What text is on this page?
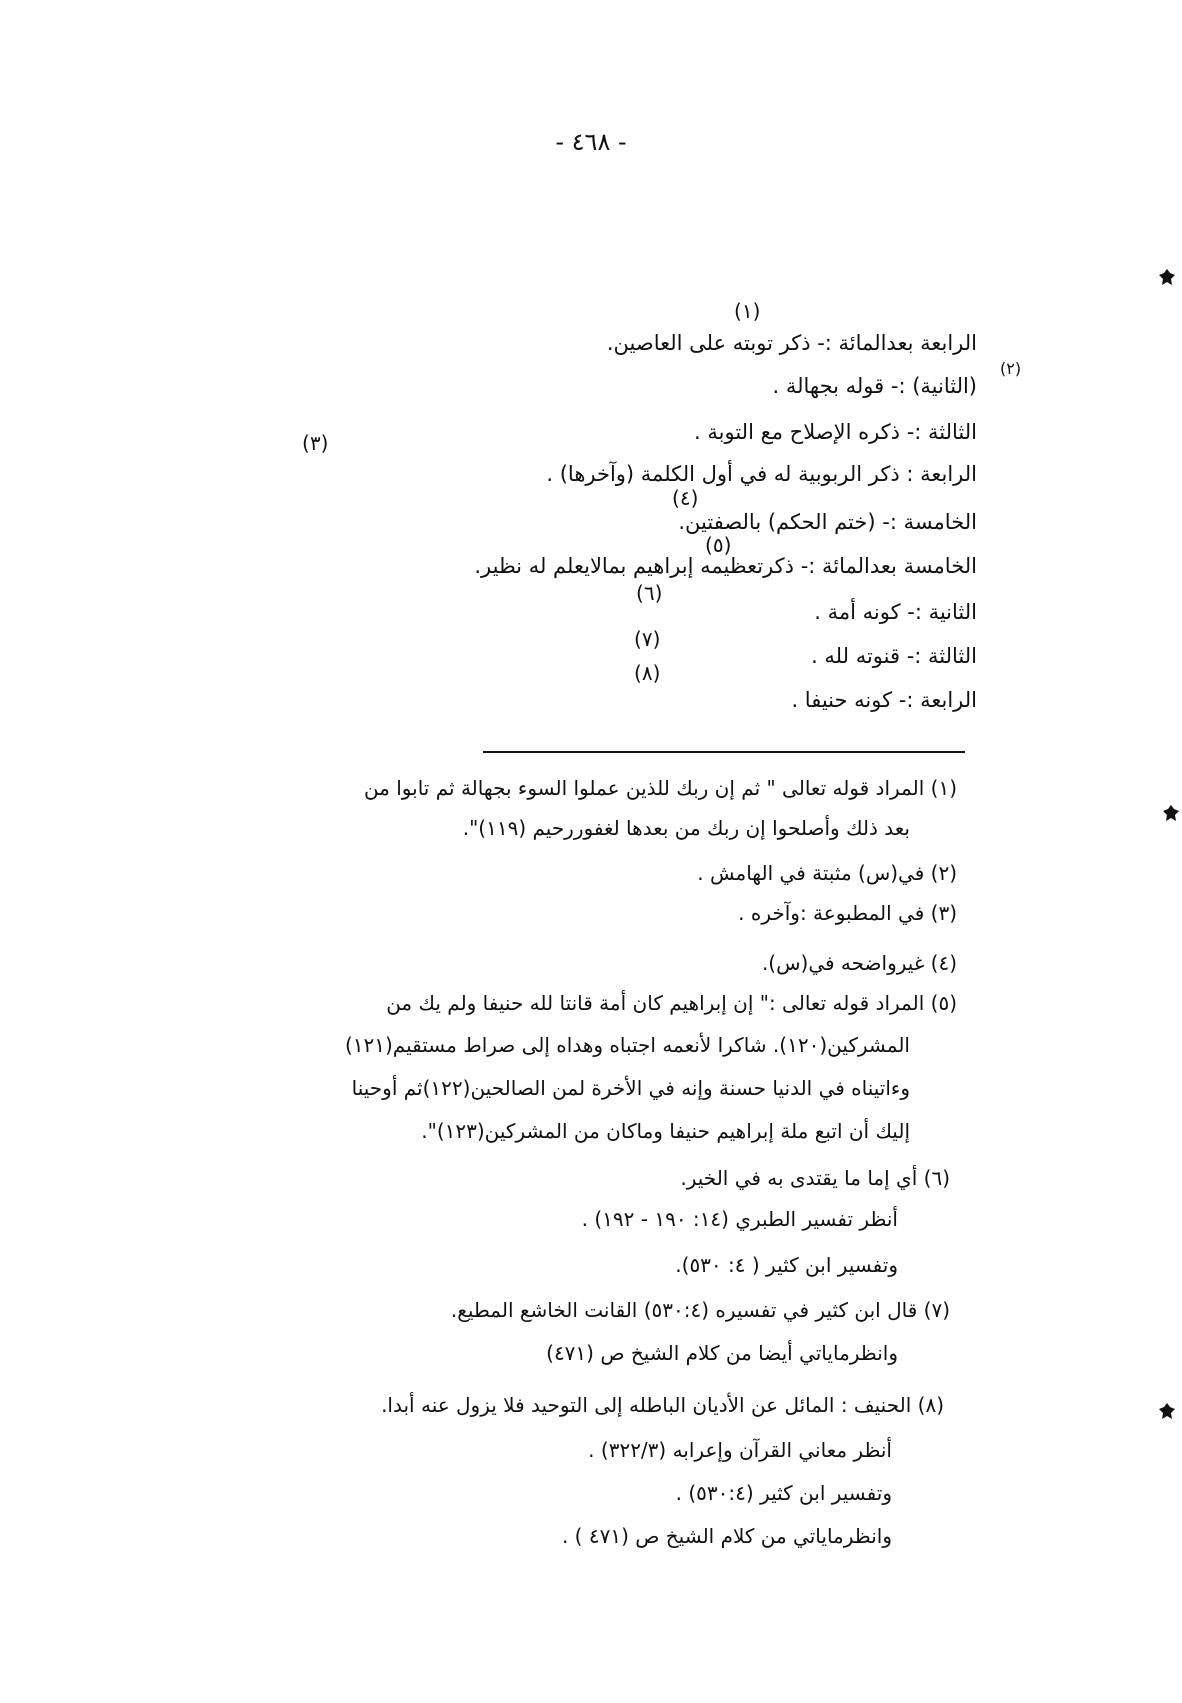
- ٤٦٨ -
(١)
(٢)
(٣)
(٤)
(٥)
(٦)
(٧)
(٨)
الرابعة بعدالمائة :- ذكر توبته على العاصين.
(الثانية) :- قوله بجهالة .
الثالثة :- ذكره الإصلاح مع التوبة .
الرابعة : ذكر الربوبية له في أول الكلمة (وآخرها) .
الخامسة :- (ختم الحكم) بالصفتين.
الخامسة بعدالمائة :- ذكرتعظيمه إبراهيم بمالايعلم له نظير.
الثانية :- كونه أمة .
الثالثة :- قنوته لله .
الرابعة :- كونه حنيفا .
(١) المراد قوله تعالى " ثم إن ربك للذين عملوا السوء بجهالة ثم تابوا من
بعد ذلك وأصلحوا إن ربك من بعدها لغفوررحيم (١١٩)".
(٢) في(س) مثبتة في الهامش .
(٣) في المطبوعة :وآخره .
(٤) غيرواضحه في(س).
(٥) المراد قوله تعالى :" إن إبراهيم كان أمة قانتا لله حنيفا ولم يك من
المشركين(١٢٠). شاكرا لأنعمه اجتباه وهداه إلى صراط مستقيم(١٢١)
وءاتيناه في الدنيا حسنة وإنه في الأخرة لمن الصالحين(١٢٢)ثم أوحينا
إليك أن اتبع ملة إبراهيم حنيفا وماكان من المشركين(١٢٣)".
(٦) أي إما ما يقتدى به في الخير.
أنظر تفسير الطبري (١٤: ١٩٠ - ١٩٢) .
وتفسير ابن كثير ( ٤: ٥٣٠).
(٧) قال ابن كثير في تفسيره (٥٣٠:٤) القانت الخاشع المطيع.
وانظرماياتي أيضا من كلام الشيخ ص (٤٧١)
(٨) الحنيف : المائل عن الأديان الباطله إلى التوحيد فلا يزول عنه أبدا.
أنظر معاني القرآن وإعرابه (٣٢٢/٣) .
وتفسير ابن كثير (٥٣٠:٤) .
وانظرماياتي من كلام الشيخ ص (٤٧١ ) .
